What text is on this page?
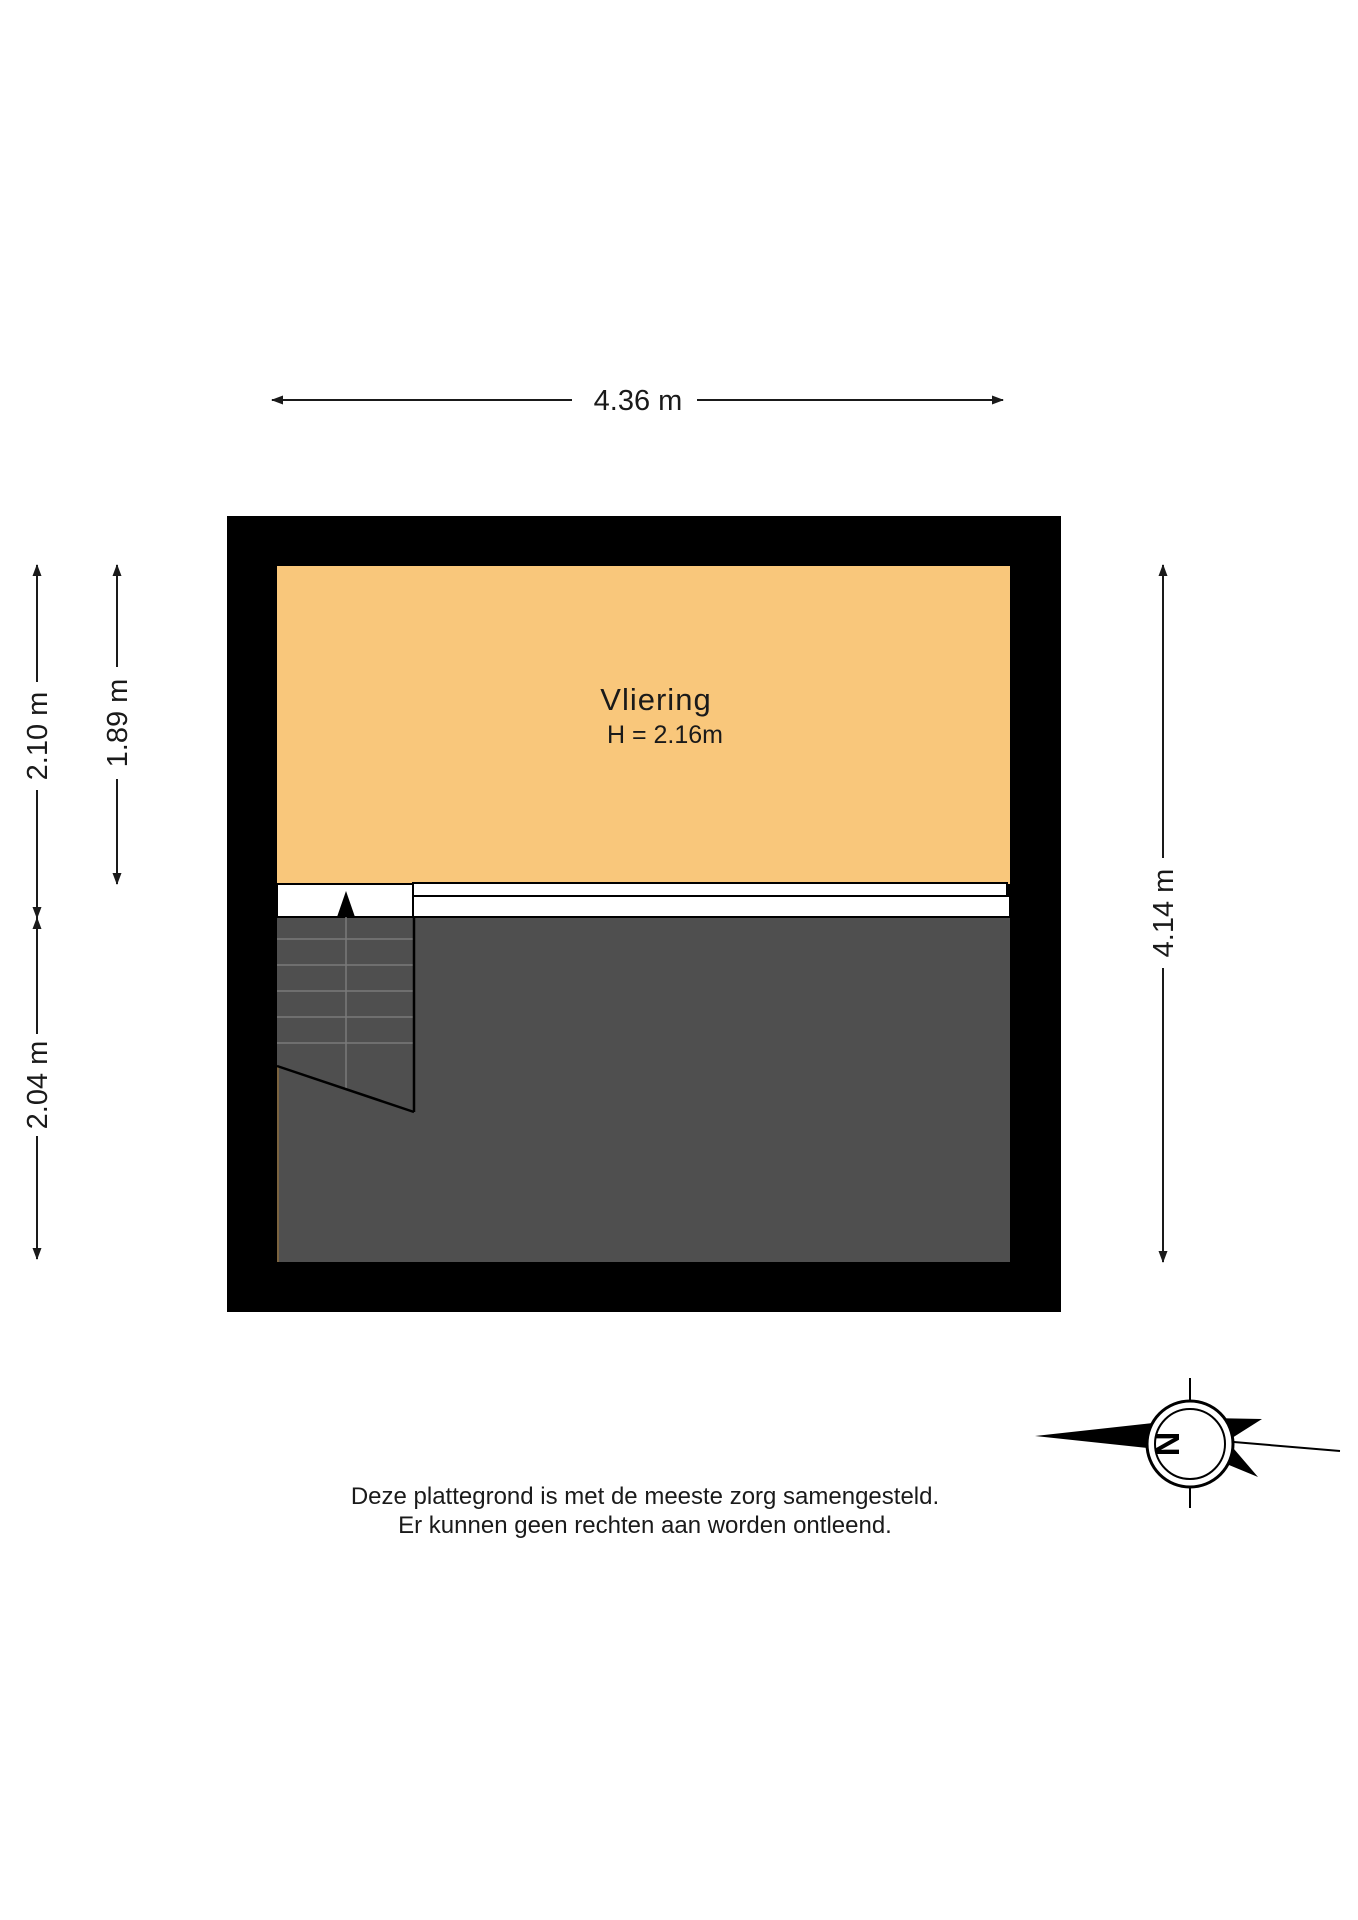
4.36 m
2.10 m
2.04 m
1.89 m
4.14 m
Vliering
H = 2.16m
N
Deze plattegrond is met de meeste zorg samengesteld.
Er kunnen geen rechten aan worden ontleend.
